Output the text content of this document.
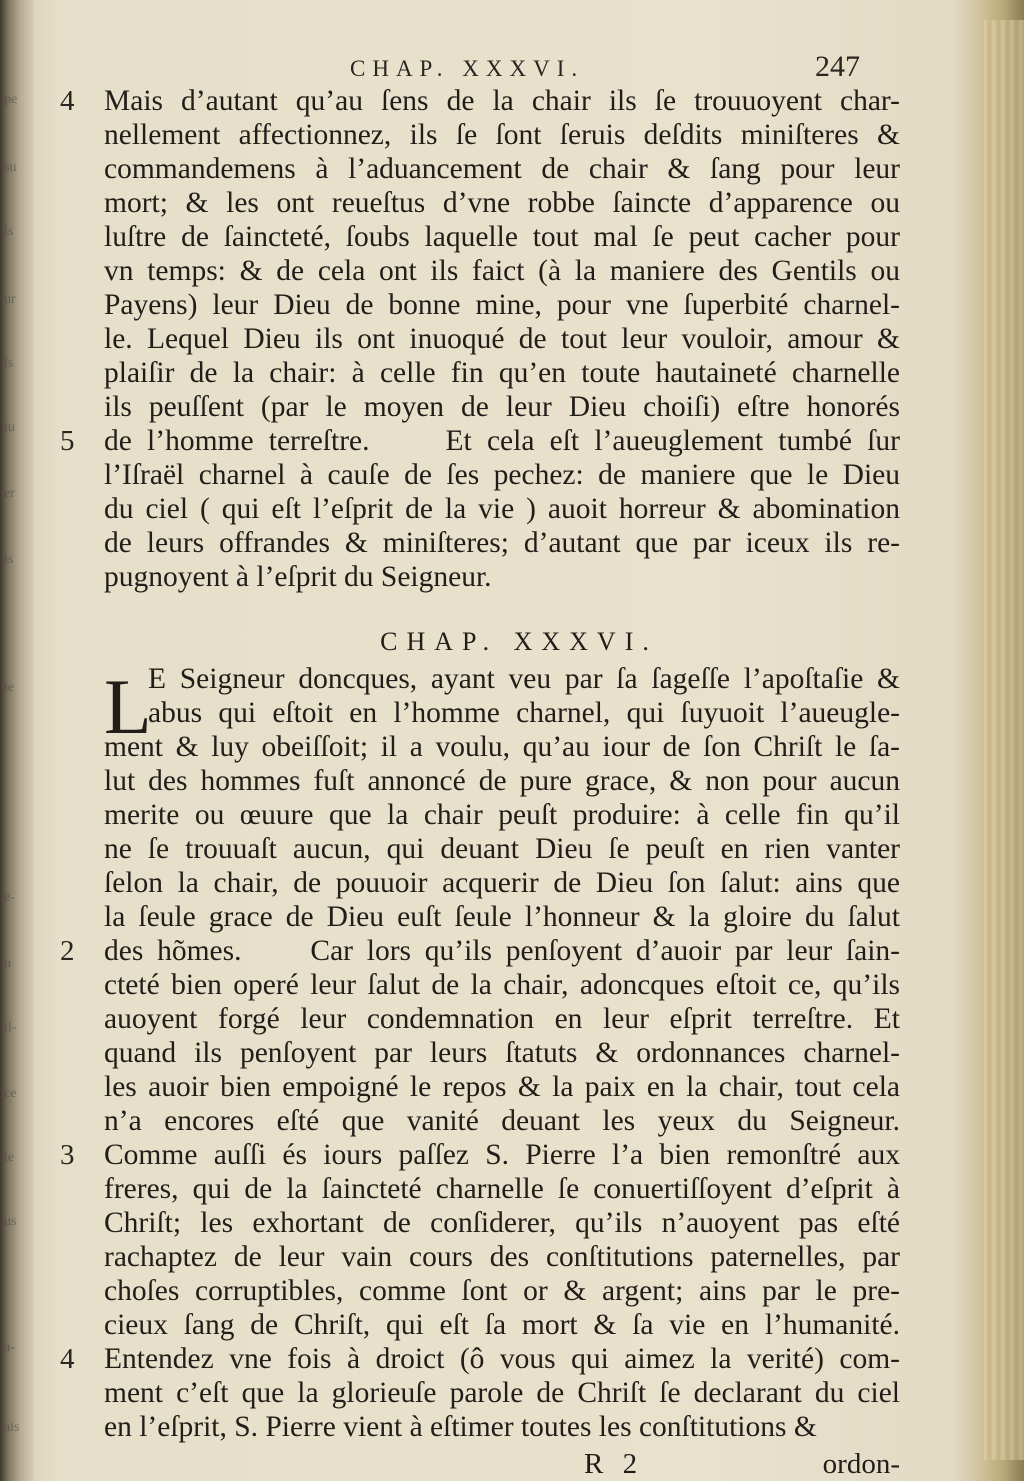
pe
su
ls
ur
ls
tu
er
is
te
e-
n
il-
ce
te
us
a-
ais
CHAP. XXXVI.	247
4	Mais d’autant qu’au ſens de la chair ils ſe trouuoyent char-
nellement affectionnez, ils ſe ſont ſeruis deſdits miniſteres &
commandemens à l’aduancement de chair & ſang pour leur
mort; & les ont reueſtus d’vne robbe ſaincte d’apparence ou
luſtre de ſaincteté, ſoubs laquelle tout mal ſe peut cacher pour
vn temps: & de cela ont ils faict (à la maniere des Gentils ou
Payens) leur Dieu de bonne mine, pour vne ſuperbité charnel-
le. Lequel Dieu ils ont inuoqué de tout leur vouloir, amour &
plaiſir de la chair: à celle fin qu’en toute hautaineté charnelle
ils peuſſent (par le moyen de leur Dieu choiſi) eſtre honorés
5	de l’homme terreſtre.     Et cela eſt l’aueuglement tumbé ſur
l’Iſraël charnel à cauſe de ſes pechez: de maniere que le Dieu
du ciel ( qui eſt l’eſprit de la vie ) auoit horreur & abomination
de leurs offrandes & miniſteres; d’autant que par iceux ils re-
pugnoyent à l’eſprit du Seigneur.
CHAP. XXXVI.
L
E Seigneur doncques, ayant veu par ſa ſageſſe l’apoſtaſie &
abus qui eſtoit en l’homme charnel, qui ſuyuoit l’aueugle-
ment & luy obeiſſoit; il a voulu, qu’au iour de ſon Chriſt le ſa-
lut des hommes fuſt annoncé de pure grace, & non pour aucun
merite ou œuure que la chair peuſt produire: à celle fin qu’il
ne ſe trouuaſt aucun, qui deuant Dieu ſe peuſt en rien vanter
ſelon la chair, de pouuoir acquerir de Dieu ſon ſalut: ains que
la ſeule grace de Dieu euſt ſeule l’honneur & la gloire du ſalut
2	des hõmes.     Car lors qu’ils penſoyent d’auoir par leur ſain-
cteté bien operé leur ſalut de la chair, adoncques eſtoit ce, qu’ils
auoyent forgé leur condemnation en leur eſprit terreſtre. Et
quand ils penſoyent par leurs ſtatuts & ordonnances charnel-
les auoir bien empoigné le repos & la paix en la chair, tout cela
n’a encores eſté que vanité deuant les yeux du Seigneur.
3	Comme auſſi és iours paſſez S. Pierre l’a bien remonſtré aux
freres, qui de la ſaincteté charnelle ſe conuertiſſoyent d’eſprit à
Chriſt; les exhortant de conſiderer, qu’ils n’auoyent pas eſté
rachaptez de leur vain cours des conſtitutions paternelles, par
choſes corruptibles, comme ſont or & argent; ains par le pre-
cieux ſang de Chriſt, qui eſt ſa mort & ſa vie en l’humanité.
4	Entendez vne fois à droict (ô vous qui aimez la verité) com-
ment c’eſt que la glorieuſe parole de Chriſt ſe declarant du ciel
en l’eſprit, S. Pierre vient à eſtimer toutes les conſtitutions &
R 2	ordon-
